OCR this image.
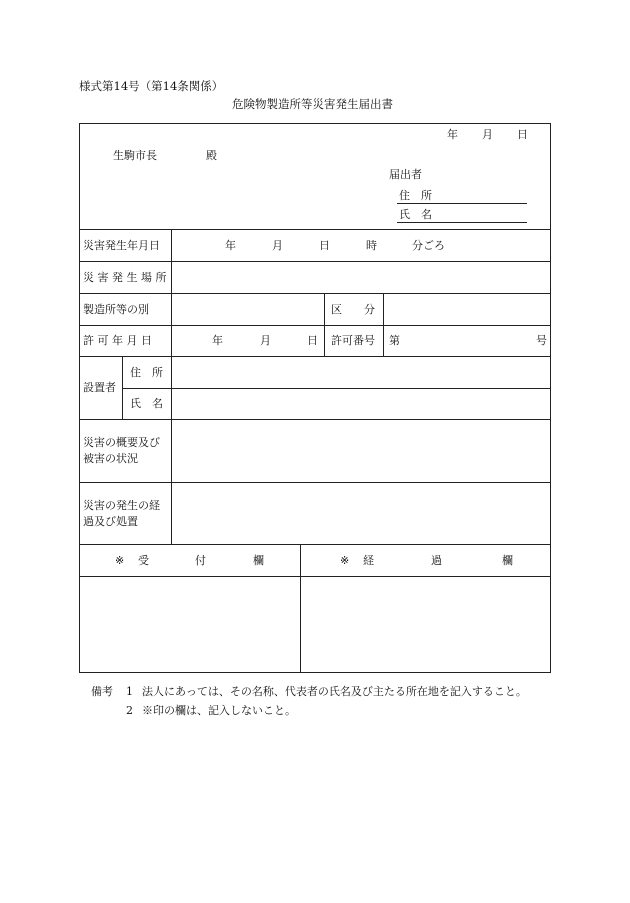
様式第14号（第14条関係）
危険物製造所等災害発生届出書
年 月 日
生駒市長	殿
届出者
住　所
氏　名
災害発生年月日	年	月	日	時	分ごろ
災 害 発 生 場 所
製造所等の別	区　　分
許 可 年 月 日	年	月	日 許可番号 第	号
設置者
住　所
氏　名
災害の概要及び
被害の状況
災害の発生の経
過及び処置
※ 受	付	欄	※ 経	過	欄
備考 1 法人にあっては、その名称、代表者の氏名及び主たる所在地を記入すること。
2 ※印の欄は、記入しないこと。
